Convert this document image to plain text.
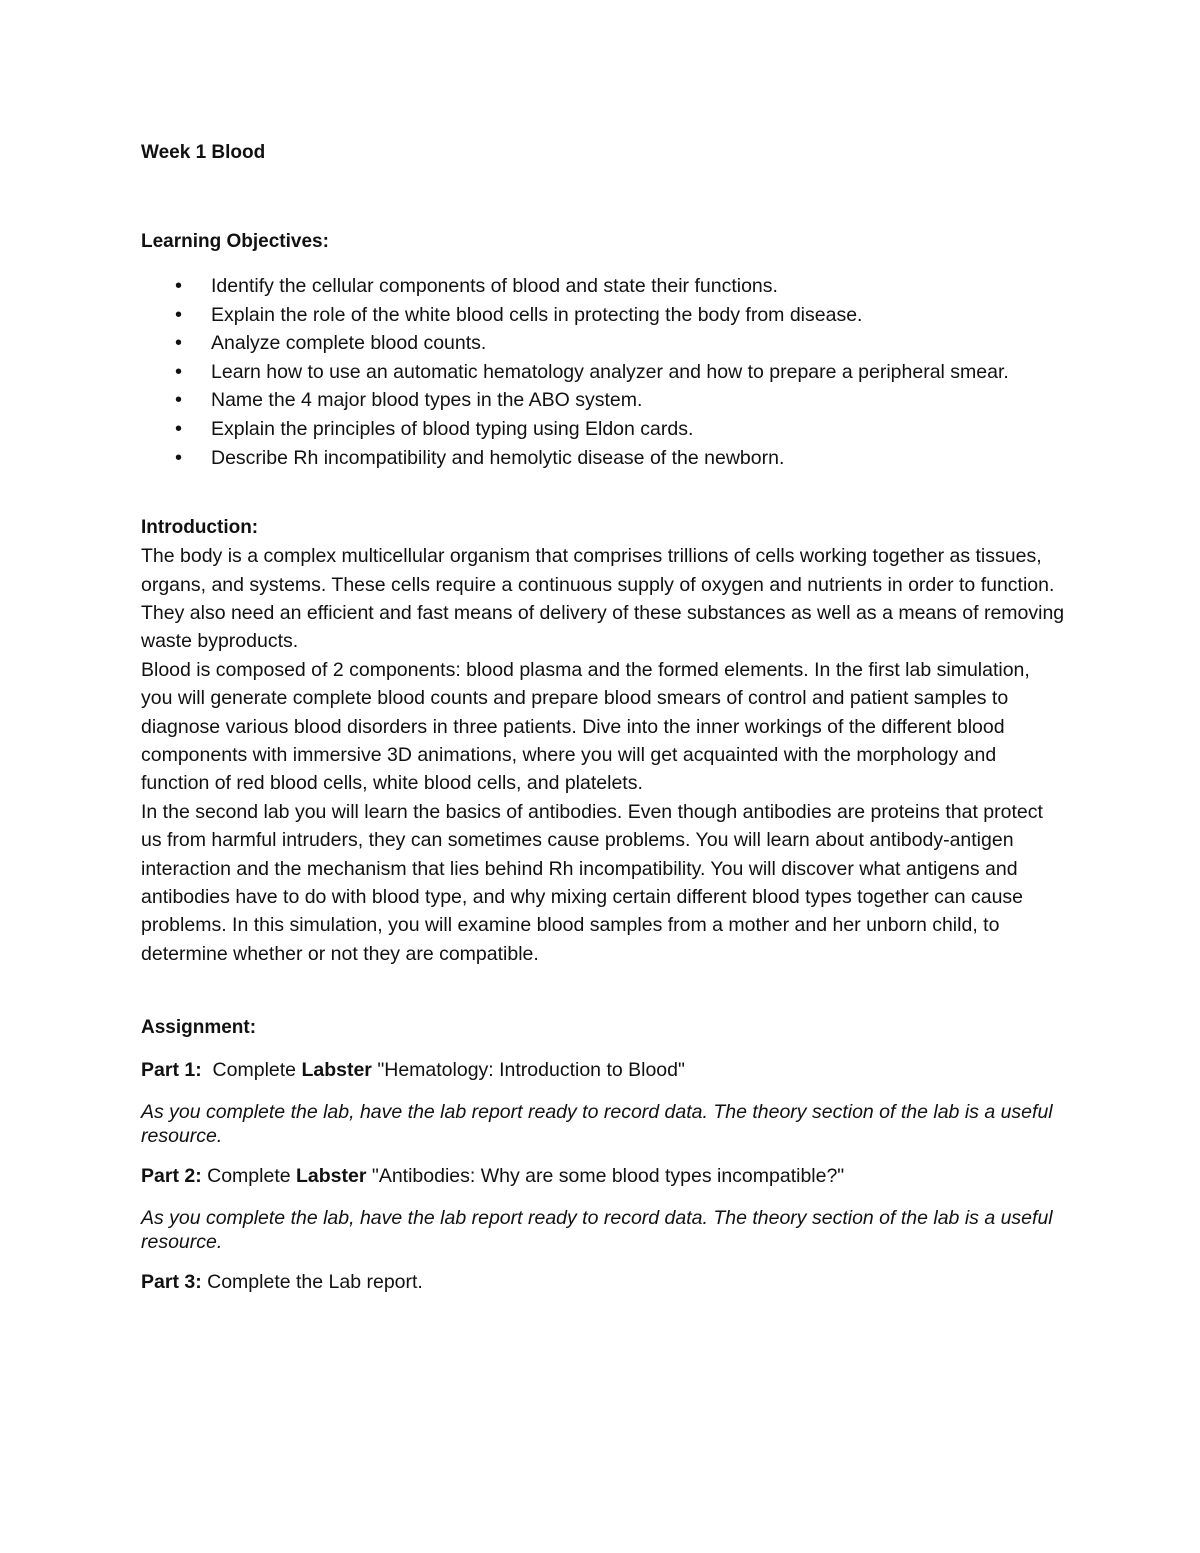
Week 1 Blood
Learning Objectives:
• Identify the cellular components of blood and state their functions.
• Explain the role of the white blood cells in protecting the body from disease.
• Analyze complete blood counts.
• Learn how to use an automatic hematology analyzer and how to prepare a peripheral smear.
• Name the 4 major blood types in the ABO system.
• Explain the principles of blood typing using Eldon cards.
• Describe Rh incompatibility and hemolytic disease of the newborn.
Introduction:

The body is a complex multicellular organism that comprises trillions of cells working together as tissues, organs, and systems. These cells require a continuous supply of oxygen and nutrients in order to function. They also need an efficient and fast means of delivery of these substances as well as a means of removing waste byproducts.

Blood is composed of 2 components: blood plasma and the formed elements. In the first lab simulation, you will generate complete blood counts and prepare blood smears of control and patient samples to diagnose various blood disorders in three patients. Dive into the inner workings of the different blood components with immersive 3D animations, where you will get acquainted with the morphology and function of red blood cells, white blood cells, and platelets.

In the second lab you will learn the basics of antibodies. Even though antibodies are proteins that protect us from harmful intruders, they can sometimes cause problems. You will learn about antibody-antigen interaction and the mechanism that lies behind Rh incompatibility. You will discover what antigens and antibodies have to do with blood type, and why mixing certain different blood types together can cause problems. In this simulation, you will examine blood samples from a mother and her unborn child, to determine whether or not they are compatible.

Assignment:

Part 1: Complete Labster "Hematology: Introduction to Blood"

As you complete the lab, have the lab report ready to record data. The theory section of the lab is a useful resource.

Part 2: Complete Labster "Antibodies: Why are some blood types incompatible?"

As you complete the lab, have the lab report ready to record data. The theory section of the lab is a useful resource.

Part 3: Complete the Lab report.
